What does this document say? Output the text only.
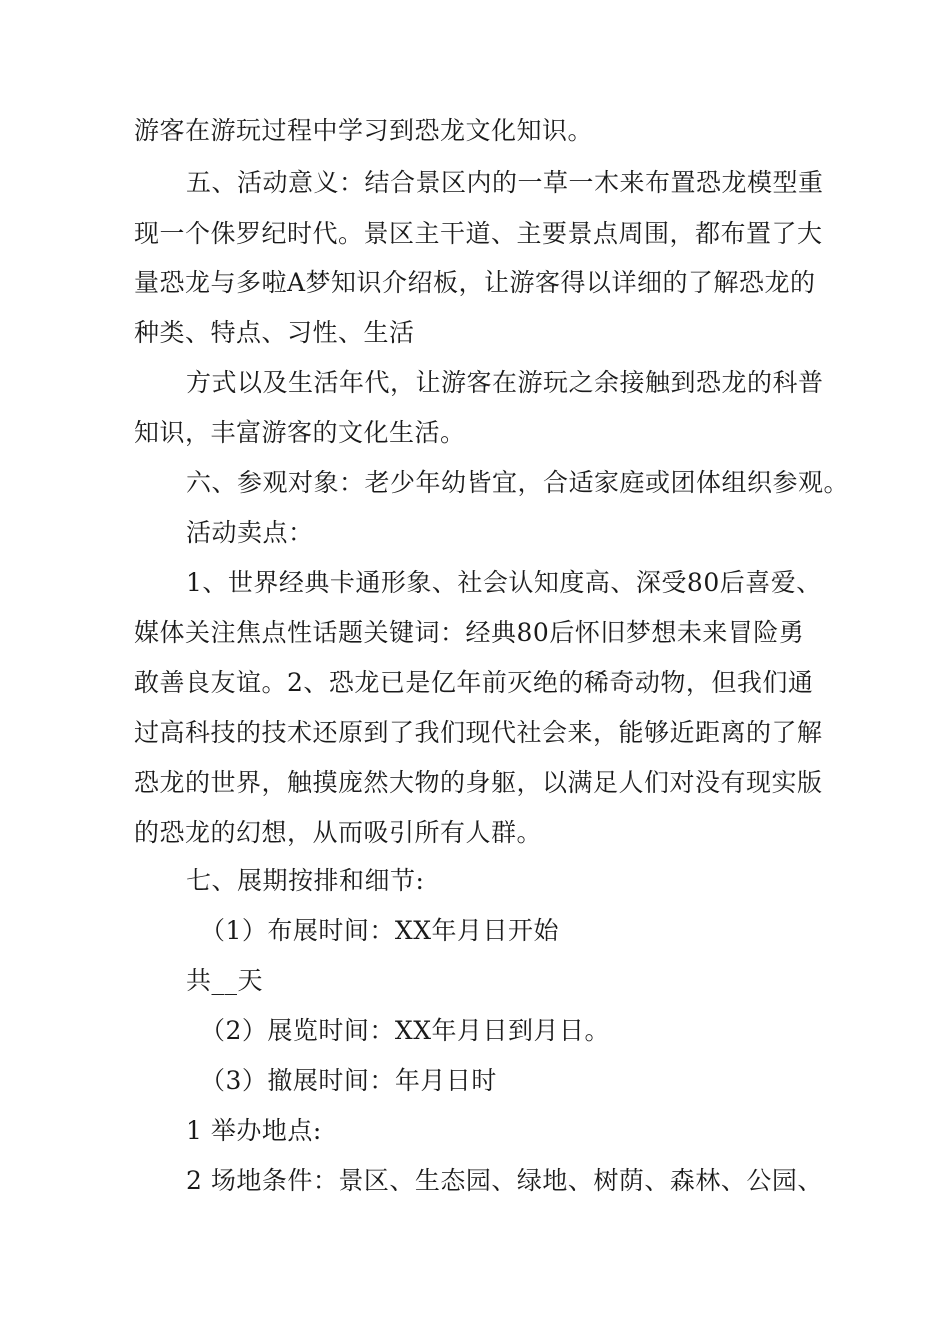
游客在游玩过程中学习到恐龙文化知识。
五、活动意义：结合景区内的一草一木来布置恐龙模型重
现一个侏罗纪时代。景区主干道、主要景点周围，都布置了大
量恐龙与多啦A梦知识介绍板，让游客得以详细的了解恐龙的
种类、特点、习性、生活
方式以及生活年代，让游客在游玩之余接触到恐龙的科普
知识，丰富游客的文化生活。
六、参观对象：老少年幼皆宜，合适家庭或团体组织参观。
活动卖点：
1、世界经典卡通形象、社会认知度高、深受80后喜爱、
媒体关注焦点性话题关键词：经典80后怀旧梦想未来冒险勇
敢善良友谊。2、恐龙已是亿年前灭绝的稀奇动物，但我们通
过高科技的技术还原到了我们现代社会来，能够近距离的了解
恐龙的世界，触摸庞然大物的身躯，以满足人们对没有现实版
的恐龙的幻想，从而吸引所有人群。
七、展期按排和细节:
（1）布展时间：XX年月日开始
共__天
（2）展览时间：XX年月日到月日。
（3）撤展时间：年月日时
1 举办地点:
2 场地条件：景区、生态园、绿地、树荫、森林、公园、
